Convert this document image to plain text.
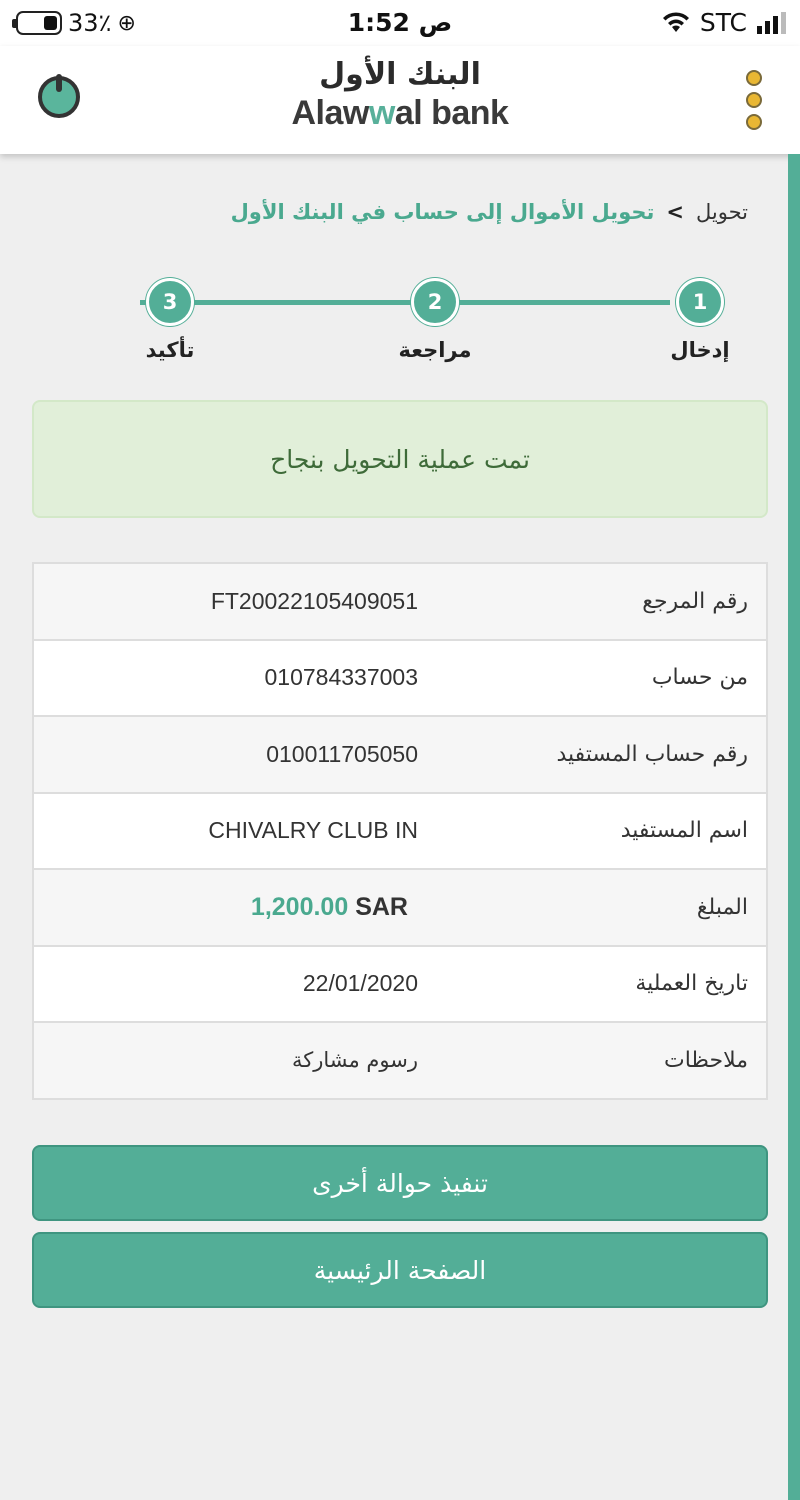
33٪ ⊕	1:52 ص	STC
البنك الأول
Alawwal bank
تحويل
>
تحويل الأموال إلى حساب في البنك الأول
3
تأكيد
2
مراجعة
1
إدخال
تمت عملية التحويل بنجاح
رقم المرجع
FT20022105409051
من حساب
010784337003
رقم حساب المستفيد
010011705050
اسم المستفيد
CHIVALRY CLUB IN
المبلغ
1,200.00 SAR
تاريخ العملية
22/01/2020
ملاحظات
رسوم مشاركة
تنفيذ حوالة أخرى
الصفحة الرئيسية
